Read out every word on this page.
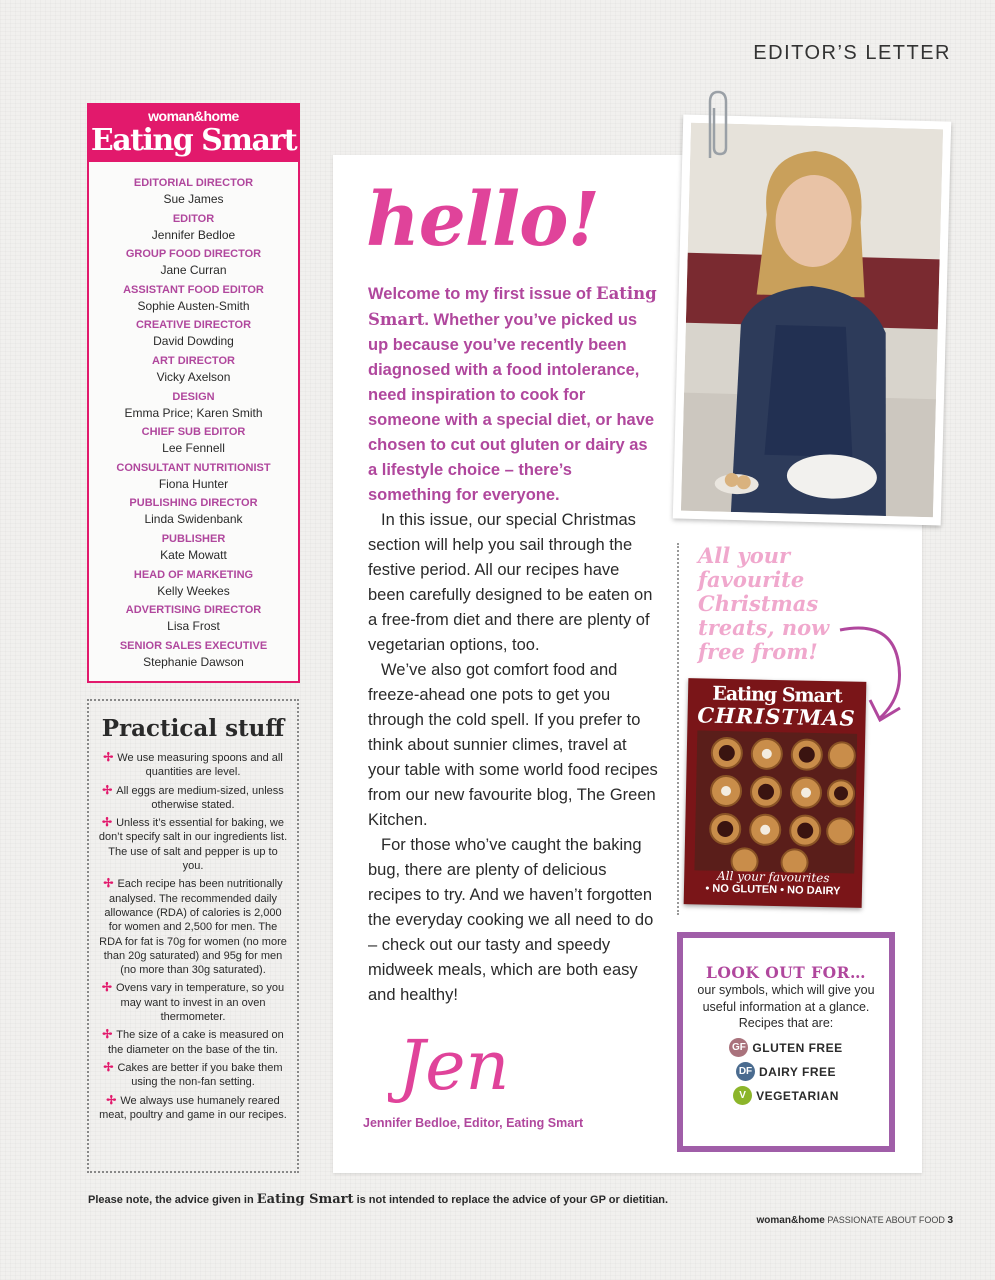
EDITOR’S LETTER
woman&home
Eating Smart
EDITORIAL DIRECTOR
Sue James
EDITOR
Jennifer Bedloe
GROUP FOOD DIRECTOR
Jane Curran
ASSISTANT FOOD EDITOR
Sophie Austen-Smith
CREATIVE DIRECTOR
David Dowding
ART DIRECTOR
Vicky Axelson
DESIGN
Emma Price; Karen Smith
CHIEF SUB EDITOR
Lee Fennell
CONSULTANT NUTRITIONIST
Fiona Hunter
PUBLISHING DIRECTOR
Linda Swidenbank
PUBLISHER
Kate Mowatt
HEAD OF MARKETING
Kelly Weekes
ADVERTISING DIRECTOR
Lisa Frost
SENIOR SALES EXECUTIVE
Stephanie Dawson
Practical stuff
✢ We use measuring spoons and all quantities are level.
✢ All eggs are medium-sized, unless otherwise stated.
✢ Unless it’s essential for baking, we don’t specify salt in our ingredients list. The use of salt and pepper is up to you.
✢ Each recipe has been nutritionally analysed. The recommended daily allowance (RDA) of calories is 2,000 for women and 2,500 for men. The RDA for fat is 70g for women (no more than 20g saturated) and 95g for men (no more than 30g saturated).
✢ Ovens vary in temperature, so you may want to invest in an oven thermometer.
✢ The size of a cake is measured on the diameter on the base of the tin.
✢ Cakes are better if you bake them using the non-fan setting.
✢ We always use humanely reared meat, poultry and game in our recipes.
hello!
Welcome to my first issue of Eating Smart. Whether you’ve picked us up because you’ve recently been diagnosed with a food intolerance, need inspiration to cook for someone with a special diet, or have chosen to cut out gluten or dairy as a lifestyle choice – there’s something for everyone.

In this issue, our special Christmas section will help you sail through the festive period. All our recipes have been carefully designed to be eaten on a free-from diet and there are plenty of vegetarian options, too.

We’ve also got comfort food and freeze-ahead one pots to get you through the cold spell. If you prefer to think about sunnier climes, travel at your table with some world food recipes from our new favourite blog, The Green Kitchen.

For those who’ve caught the baking bug, there are plenty of delicious recipes to try. And we haven’t forgotten the everyday cooking we all need to do – check out our tasty and speedy midweek meals, which are both easy and healthy!

Jen
Jennifer Bedloe, Editor, Eating Smart
All your favourite Christmas treats, now free from!
Eating Smart
CHRISTMAS
All your favourites
• NO GLUTEN • NO DAIRY
LOOK OUT FOR…

our symbols, which will give you useful information at a glance. Recipes that are:

GF GLUTEN FREE
DF DAIRY FREE
V VEGETARIAN
Please note, the advice given in Eating Smart is not intended to replace the advice of your GP or dietitian.
woman&home PASSIONATE ABOUT FOOD 3
